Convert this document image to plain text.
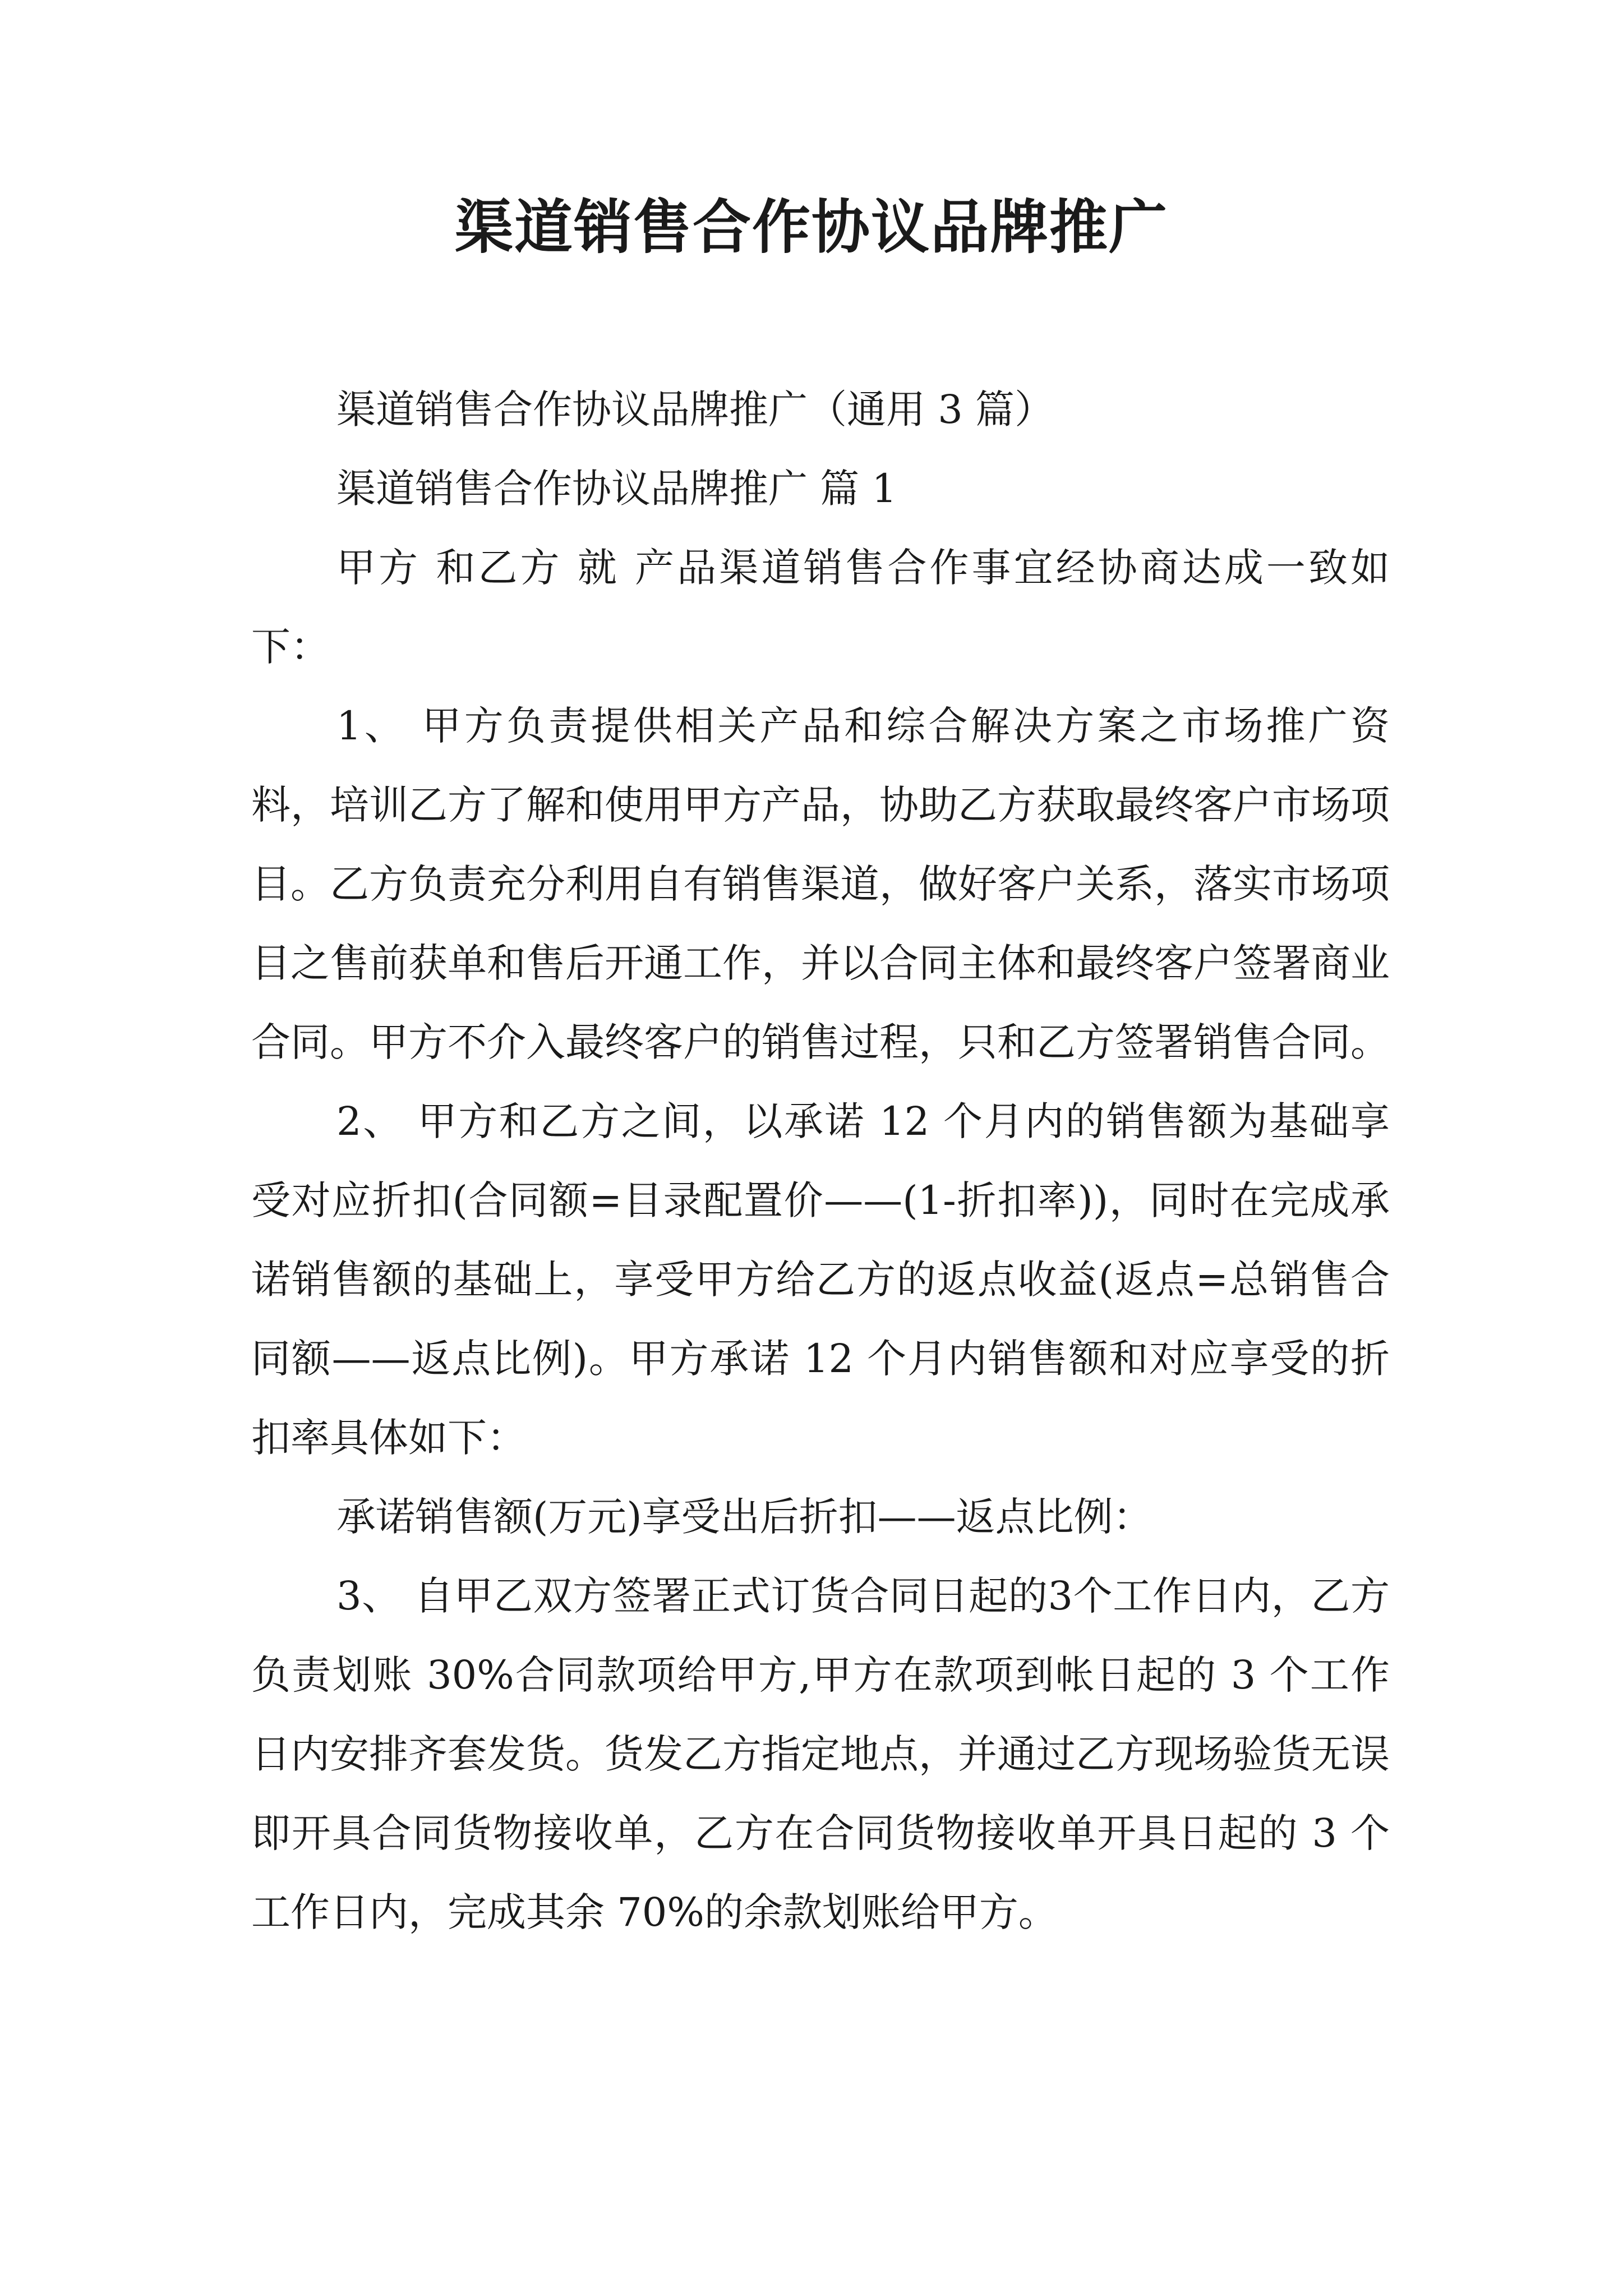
渠道销售合作协议品牌推广

渠道销售合作协议品牌推广（通用 3 篇）

渠道销售合作协议品牌推广 篇 1

甲方 和乙方 就 产品渠道销售合作事宜经协商达成一致如下：

1、 甲方负责提供相关产品和综合解决方案之市场推广资料，培训乙方了解和使用甲方产品，协助乙方获取最终客户市场项目。乙方负责充分利用自有销售渠道，做好客户关系，落实市场项目之售前获单和售后开通工作，并以合同主体和最终客户签署商业合同。甲方不介入最终客户的销售过程，只和乙方签署销售合同。

2、 甲方和乙方之间，以承诺 12 个月内的销售额为基础享受对应折扣(合同额=目录配置价——(1-折扣率))，同时在完成承诺销售额的基础上，享受甲方给乙方的返点收益(返点=总销售合同额——返点比例)。甲方承诺 12 个月内销售额和对应享受的折扣率具体如下：

承诺销售额(万元)享受出后折扣——返点比例：

3、 自甲乙双方签署正式订货合同日起的3个工作日内，乙方负责划账 30%合同款项给甲方,甲方在款项到帐日起的 3 个工作日内安排齐套发货。货发乙方指定地点，并通过乙方现场验货无误即开具合同货物接收单，乙方在合同货物接收单开具日起的 3 个工作日内，完成其余 70%的余款划账给甲方。
